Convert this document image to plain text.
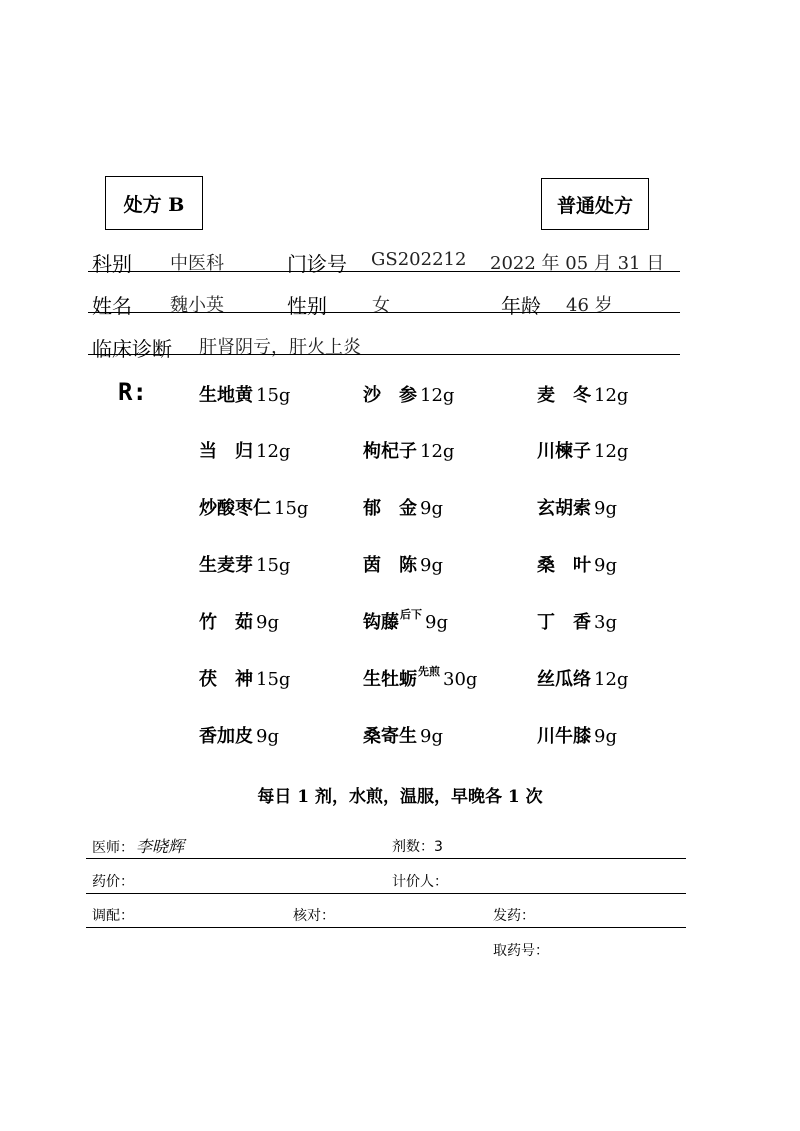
处方 B	普通处方
科别 中医科	门诊号 GS202212 2022 年 05 月 31 日
姓名 魏小英	性别	女	年龄 46 岁
临床诊断 肝肾阴亏，肝火上炎
R:	生地黄 15g	沙　参 12g	麦　冬 12g
当　归 12g	枸杞子 12g	川楝子 12g
炒酸枣仁 15g	郁　金 9g	玄胡索 9g
生麦芽 15g	茵　陈 9g	桑　叶 9g
竹　茹 9g	钩藤$^{后下}$ 9g	丁　香 3g
茯　神 15g	生牡蛎$^{先煎}$ 30g	丝瓜络 12g
香加皮 9g	桑寄生 9g	川牛膝 9g
每日 1 剂，水煎，温服，早晚各 1 次
医师： 李晓辉	剂数：3
药价：	计价人：
调配：	核对：	发药：
取药号：
